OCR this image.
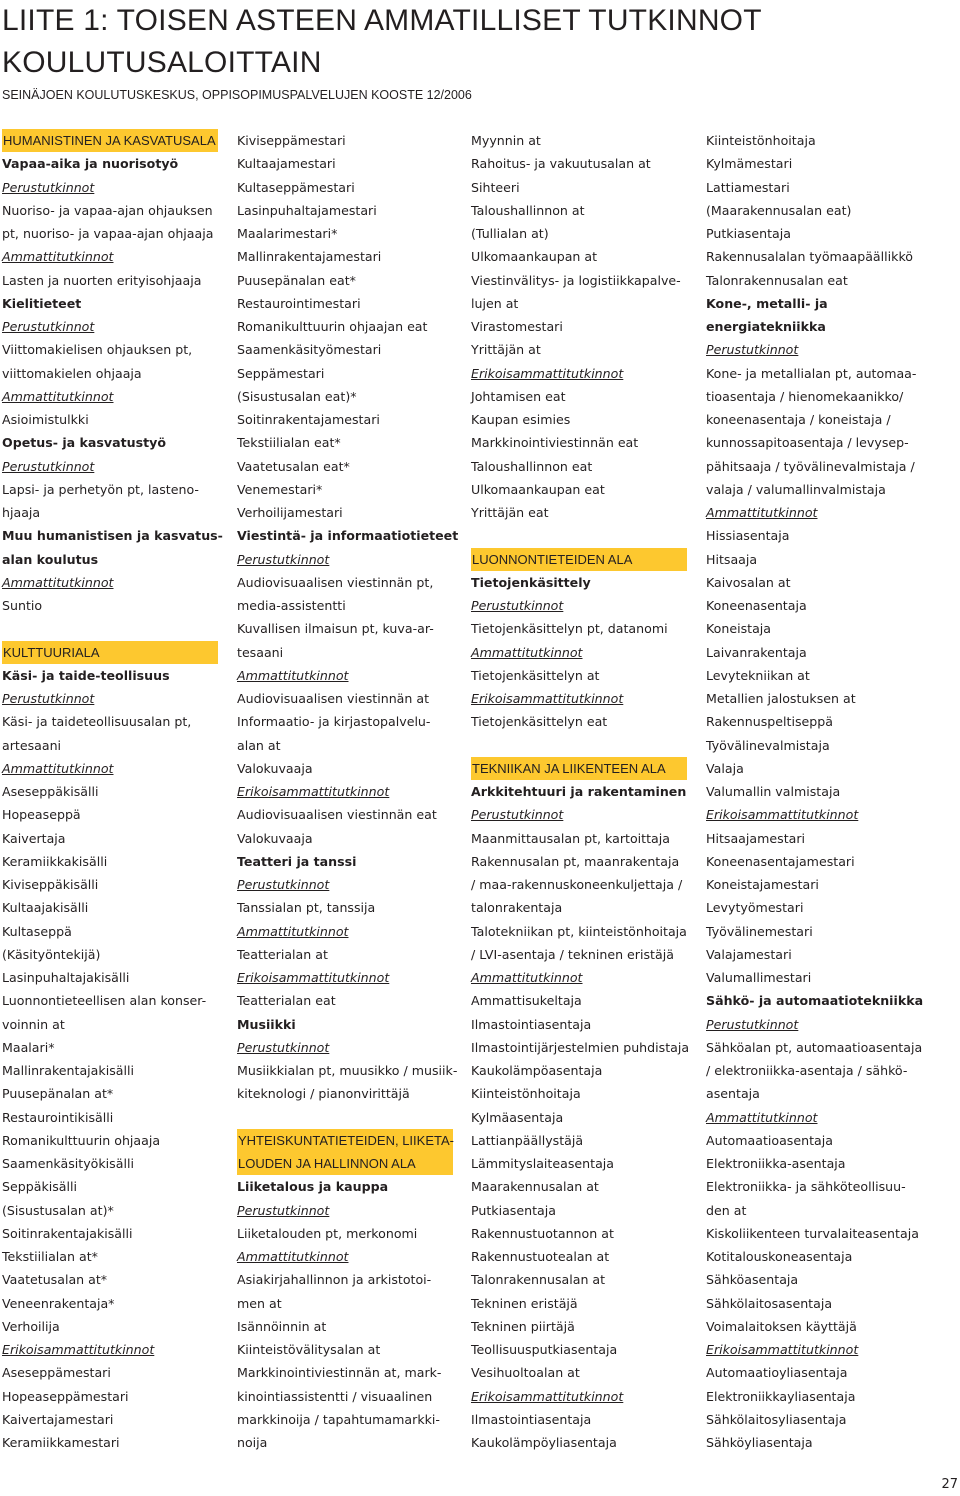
LIITE 1: TOISEN ASTEEN AMMATILLISET TUTKINNOT
KOULUTUSALOITTAIN
SEINÄJOEN KOULUTUSKESKUS, OPPISOPIMUSPALVELUJEN KOOSTE 12/2006
HUMANISTINEN JA KASVATUSALA
Vapaa-aika ja nuorisotyö
Perustutkinnot
Nuoriso- ja vapaa-ajan ohjauksen
pt, nuoriso- ja vapaa-ajan ohjaaja
Ammattitutkinnot
Lasten ja nuorten erityisohjaaja
Kielitieteet
Perustutkinnot
Viittomakielisen ohjauksen pt,
viittomakielen ohjaaja
Ammattitutkinnot
Asioimistulkki
Opetus- ja kasvatustyö
Perustutkinnot
Lapsi- ja perhetyön pt, lasteno-
hjaaja
Muu humanistisen ja kasvatus-
alan koulutus
Ammattitutkinnot
Suntio
KULTTUURIALA
Käsi- ja taide-teollisuus
Perustutkinnot
Käsi- ja taideteollisuusalan pt,
artesaani
Ammattitutkinnot
Aseseppäkisälli
Hopeaseppä
Kaivertaja
Keramiikkakisälli
Kiviseppäkisälli
Kultaajakisälli
Kultaseppä
(Käsityöntekijä)
Lasinpuhaltajakisälli
Luonnontieteellisen alan konser-
voinnin at
Maalari*
Mallinrakentajakisälli
Puusepänalan at*
Restaurointikisälli
Romanikulttuurin ohjaaja
Saamenkäsityökisälli
Seppäkisälli
(Sisustusalan at)*
Soitinrakentajakisälli
Tekstiilialan at*
Vaatetusalan at*
Veneenrakentaja*
Verhoilija
Erikoisammattitutkinnot
Aseseppämestari
Hopeaseppämestari
Kaivertajamestari
Keramiikkamestari
Kiviseppämestari
Kultaajamestari
Kultaseppämestari
Lasinpuhaltajamestari
Maalarimestari*
Mallinrakentajamestari
Puusepänalan eat*
Restaurointimestari
Romanikulttuurin ohjaajan eat
Saamenkäsityömestari
Seppämestari
(Sisustusalan eat)*
Soitinrakentajamestari
Tekstiilialan eat*
Vaatetusalan eat*
Venemestari*
Verhoilijamestari
Viestintä- ja informaatiotieteet
Perustutkinnot
Audiovisuaalisen viestinnän pt,
media-assistentti
Kuvallisen ilmaisun pt, kuva-ar-
tesaani
Ammattitutkinnot
Audiovisuaalisen viestinnän at
Informaatio- ja kirjastopalvelu-
alan at
Valokuvaaja
Erikoisammattitutkinnot
Audiovisuaalisen viestinnän eat
Valokuvaaja
Teatteri ja tanssi
Perustutkinnot
Tanssialan pt, tanssija
Ammattitutkinnot
Teatterialan at
Erikoisammattitutkinnot
Teatterialan eat
Musiikki
Perustutkinnot
Musiikkialan pt, muusikko / musiik-
kiteknologi / pianonvirittäjä
YHTEISKUNTATIETEIDEN, LIIKETA-
LOUDEN JA HALLINNON ALA
Liiketalous ja kauppa
Perustutkinnot
Liiketalouden pt, merkonomi
Ammattitutkinnot
Asiakirjahallinnon ja arkistotoi-
men at
Isännöinnin at
Kiinteistövälitysalan at
Markkinointiviestinnän at, mark-
kinointiassistentti / visuaalinen
markkinoija / tapahtumamarkki-
noija
Myynnin at
Rahoitus- ja vakuutusalan at
Sihteeri
Taloushallinnon at
(Tullialan at)
Ulkomaankaupan at
Viestinvälitys- ja logistiikkapalve-
lujen at
Virastomestari
Yrittäjän at
Erikoisammattitutkinnot
Johtamisen eat
Kaupan esimies
Markkinointiviestinnän eat
Taloushallinnon eat
Ulkomaankaupan eat
Yrittäjän eat
LUONNONTIETEIDEN ALA
Tietojenkäsittely
Perustutkinnot
Tietojenkäsittelyn pt, datanomi
Ammattitutkinnot
Tietojenkäsittelyn at
Erikoisammattitutkinnot
Tietojenkäsittelyn eat
TEKNIIKAN JA LIIKENTEEN ALA
Arkkitehtuuri ja rakentaminen
Perustutkinnot
Maanmittausalan pt, kartoittaja
Rakennusalan pt, maanrakentaja
/ maa-rakennuskoneenkuljettaja /
talonrakentaja
Talotekniikan pt, kiinteistönhoitaja
/ LVI-asentaja / tekninen eristäjä
Ammattitutkinnot
Ammattisukeltaja
Ilmastointiasentaja
Ilmastointijärjestelmien puhdistaja
Kaukolämpöasentaja
Kiinteistönhoitaja
Kylmäasentaja
Lattianpäällystäjä
Lämmityslaiteasentaja
Maarakennusalan at
Putkiasentaja
Rakennustuotannon at
Rakennustuotealan at
Talonrakennusalan at
Tekninen eristäjä
Tekninen piirtäjä
Teollisuusputkiasentaja
Vesihuoltoalan at
Erikoisammattitutkinnot
Ilmastointiasentaja
Kaukolämpöyliasentaja
Kiinteistönhoitaja
Kylmämestari
Lattiamestari
(Maarakennusalan eat)
Putkiasentaja
Rakennusalalan työmaapäällikkö
Talonrakennusalan eat
Kone-, metalli- ja
energiatekniikka
Perustutkinnot
Kone- ja metallialan pt, automaa-
tioasentaja / hienomekaanikko/
koneenasentaja / koneistaja /
kunnossapitoasentaja / levysep-
pähitsaaja / työvälinevalmistaja /
valaja / valumallinvalmistaja
Ammattitutkinnot
Hissiasentaja
Hitsaaja
Kaivosalan at
Koneenasentaja
Koneistaja
Laivanrakentaja
Levytekniikan at
Metallien jalostuksen at
Rakennuspeltiseppä
Työvälinevalmistaja
Valaja
Valumallin valmistaja
Erikoisammattitutkinnot
Hitsaajamestari
Koneenasentajamestari
Koneistajamestari
Levytyömestari
Työvälinemestari
Valajamestari
Valumallimestari
Sähkö- ja automaatiotekniikka
Perustutkinnot
Sähköalan pt, automaatioasentaja
/ elektroniikka-asentaja / sähkö-
asentaja
Ammattitutkinnot
Automaatioasentaja
Elektroniikka-asentaja
Elektroniikka- ja sähköteollisuu-
den at
Kiskoliikenteen turvalaiteasentaja
Kotitalouskoneasentaja
Sähköasentaja
Sähkölaitosasentaja
Voimalaitoksen käyttäjä
Erikoisammattitutkinnot
Automaatioyliasentaja
Elektroniikkayliasentaja
Sähkölaitosyliasentaja
Sähköyliasentaja
27
